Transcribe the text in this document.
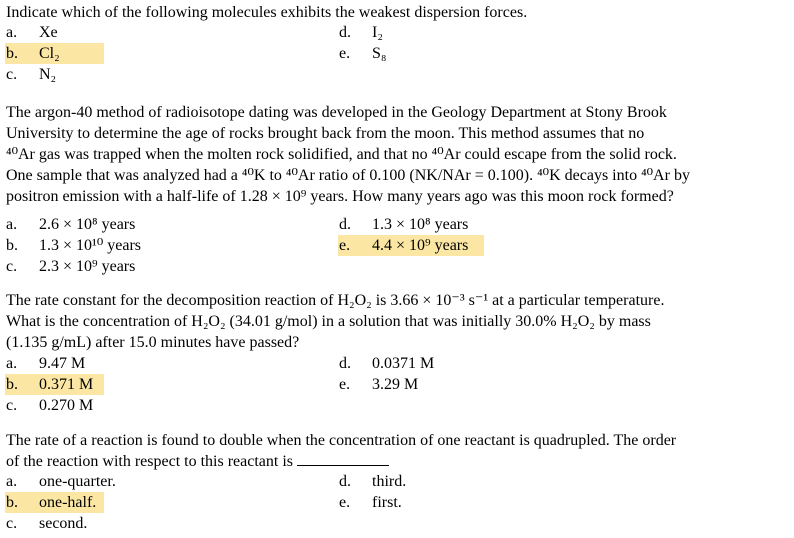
Indicate which of the following molecules exhibits the weakest dispersion forces.
a. Xe
b. Cl₂
c. N₂
d. I₂
e. S₈
The argon-40 method of radioisotope dating was developed in the Geology Department at Stony Brook
University to determine the age of rocks brought back from the moon. This method assumes that no
⁴⁰Ar gas was trapped when the molten rock solidified, and that no ⁴⁰Ar could escape from the solid rock.
One sample that was analyzed had a ⁴⁰K to ⁴⁰Ar ratio of 0.100 (NK/NAr = 0.100). ⁴⁰K decays into ⁴⁰Ar by
positron emission with a half-life of 1.28 × 10⁹ years. How many years ago was this moon rock formed?
a. 2.6 × 10⁸ years
b. 1.3 × 10¹⁰ years
c. 2.3 × 10⁹ years
d. 1.3 × 10⁸ years
e. 4.4 × 10⁹ years
The rate constant for the decomposition reaction of H₂O₂ is 3.66 × 10⁻³ s⁻¹ at a particular temperature.
What is the concentration of H₂O₂ (34.01 g/mol) in a solution that was initially 30.0% H₂O₂ by mass
(1.135 g/mL) after 15.0 minutes have passed?
a. 9.47 M
b. 0.371 M
c. 0.270 M
d. 0.0371 M
e. 3.29 M
The rate of a reaction is found to double when the concentration of one reactant is quadrupled. The order
of the reaction with respect to this reactant is
a. one-quarter.
b. one-half.
c. second.
d. third.
e. first.
